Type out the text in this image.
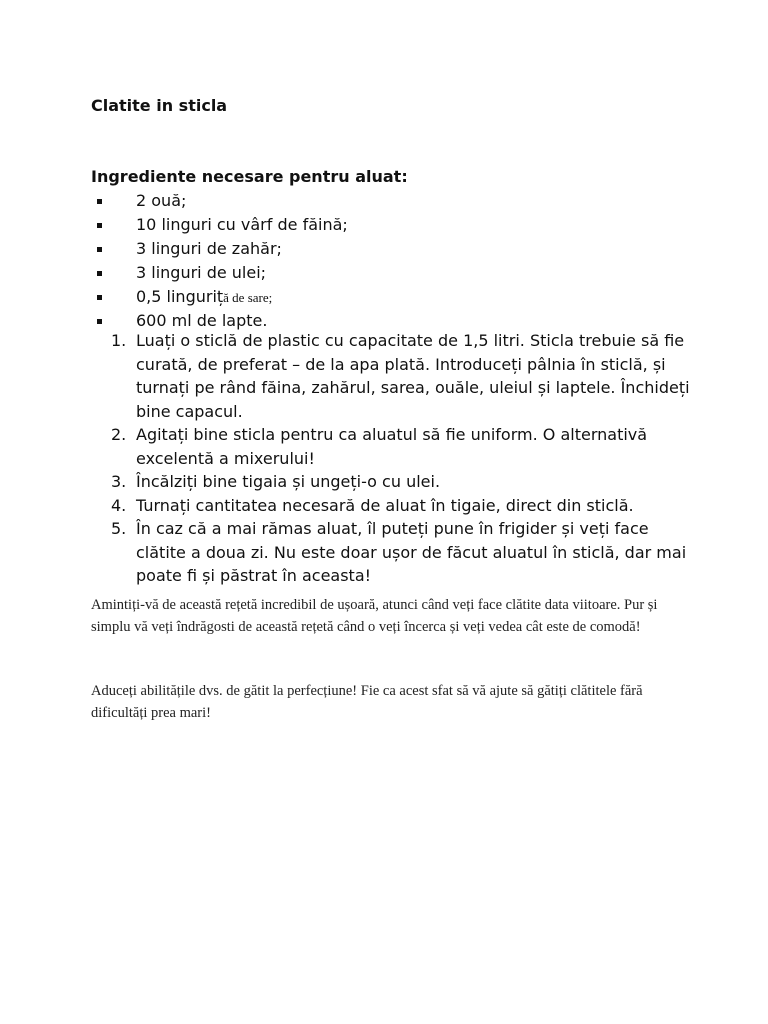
Clatite in sticla
Ingrediente necesare pentru aluat:
2 ouă;
10 linguri cu vârf de făină;
3 linguri de zahăr;
3 linguri de ulei;
0,5 linguriță de sare;
600 ml de lapte.
1. Luați o sticlă de plastic cu capacitate de 1,5 litri. Sticla trebuie să fie curată, de preferat – de la apa plată. Introduceți pâlnia în sticlă, și turnați pe rând făina, zahărul, sarea, ouăle, uleiul și laptele. Închideți bine capacul.
2. Agitați bine sticla pentru ca aluatul să fie uniform. O alternativă excelentă a mixerului!
3. Încălziți bine tigaia și ungeți-o cu ulei.
4. Turnați cantitatea necesară de aluat în tigaie, direct din sticlă.
5. În caz că a mai rămas aluat, îl puteți pune în frigider și veți face clătite a doua zi. Nu este doar ușor de făcut aluatul în sticlă, dar mai poate fi și păstrat în aceasta!

Amintiți-vă de această rețetă incredibil de ușoară, atunci când veți face clătite data viitoare. Pur și simplu vă veți îndrăgosti de această rețetă când o veți încerca și veți vedea cât este de comodă!

Aduceți abilitățile dvs. de gătit la perfecțiune! Fie ca acest sfat să vă ajute să gătiți clătitele fără dificultăți prea mari!
